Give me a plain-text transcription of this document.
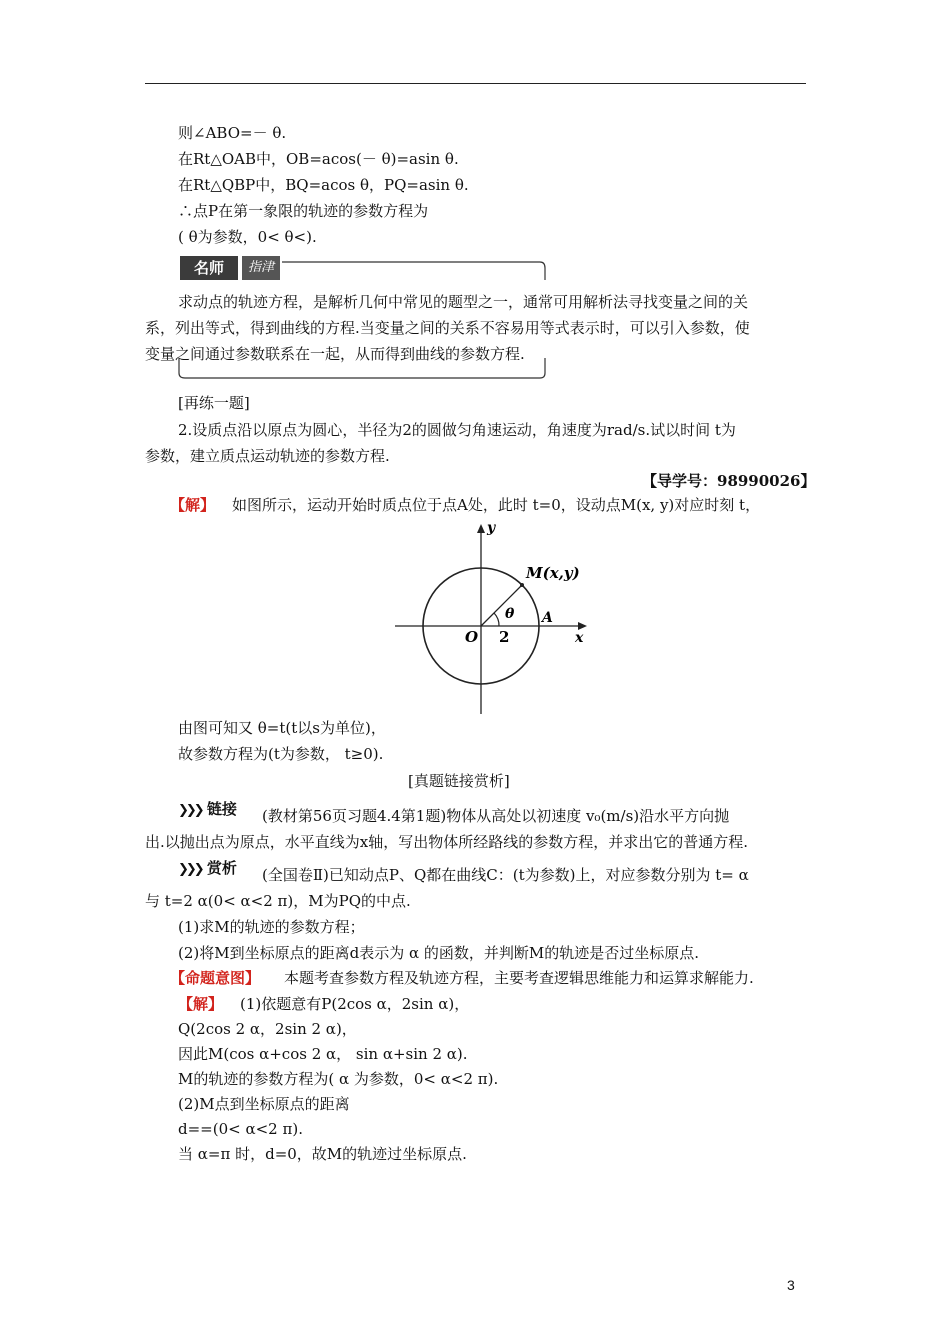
则∠ABO=－ θ.
在Rt△OAB中，OB=acos(－ θ)=asin θ.
在Rt△QBP中，BQ=acos θ，PQ=asin θ.
∴点P在第一象限的轨迹的参数方程为
( θ为参数，0< θ<).
名师	指津
求动点的轨迹方程，是解析几何中常见的题型之一，通常可用解析法寻找变量之间的关
系，列出等式，得到曲线的方程.当变量之间的关系不容易用等式表示时，可以引入参数，使
变量之间通过参数联系在一起，从而得到曲线的参数方程.
[再练一题]
2.设质点沿以原点为圆心，半径为2的圆做匀角速运动，角速度为rad/s.试以时间 t为
参数，建立质点运动轨迹的参数方程.
【导学号：98990026】
【解】 如图所示，运动开始时质点位于点A处，此时 t=0，设动点M(x, y)对应时刻 t，
y
x
M(x,y)
θ A
O 2
由图可知又 θ=t(t以s为单位)，
故参数方程为(t为参数， t≥0).
[真题链接赏析]
❯❯❯ 链接 (教材第56页习题4.4第1题)物体从高处以初速度 v₀(m/s)沿水平方向抛
出.以抛出点为原点，水平直线为x轴，写出物体所经路线的参数方程，并求出它的普通方程.
❯❯❯ 赏析 (全国卷Ⅱ)已知动点P、Q都在曲线C：(t为参数)上，对应参数分别为 t= α
与 t=2 α(0< α<2 π)，M为PQ的中点.
(1)求M的轨迹的参数方程；
(2)将M到坐标原点的距离d表示为 α 的函数，并判断M的轨迹是否过坐标原点.
【命题意图】 本题考查参数方程及轨迹方程，主要考查逻辑思维能力和运算求解能力.
【解】 (1)依题意有P(2cos α，2sin α)，
Q(2cos 2 α，2sin 2 α)，
因此M(cos α+cos 2 α， sin α+sin 2 α).
M的轨迹的参数方程为( α 为参数，0< α<2 π).
(2)M点到坐标原点的距离
d==(0< α<2 π).
当 α=π 时，d=0，故M的轨迹过坐标原点.
3
